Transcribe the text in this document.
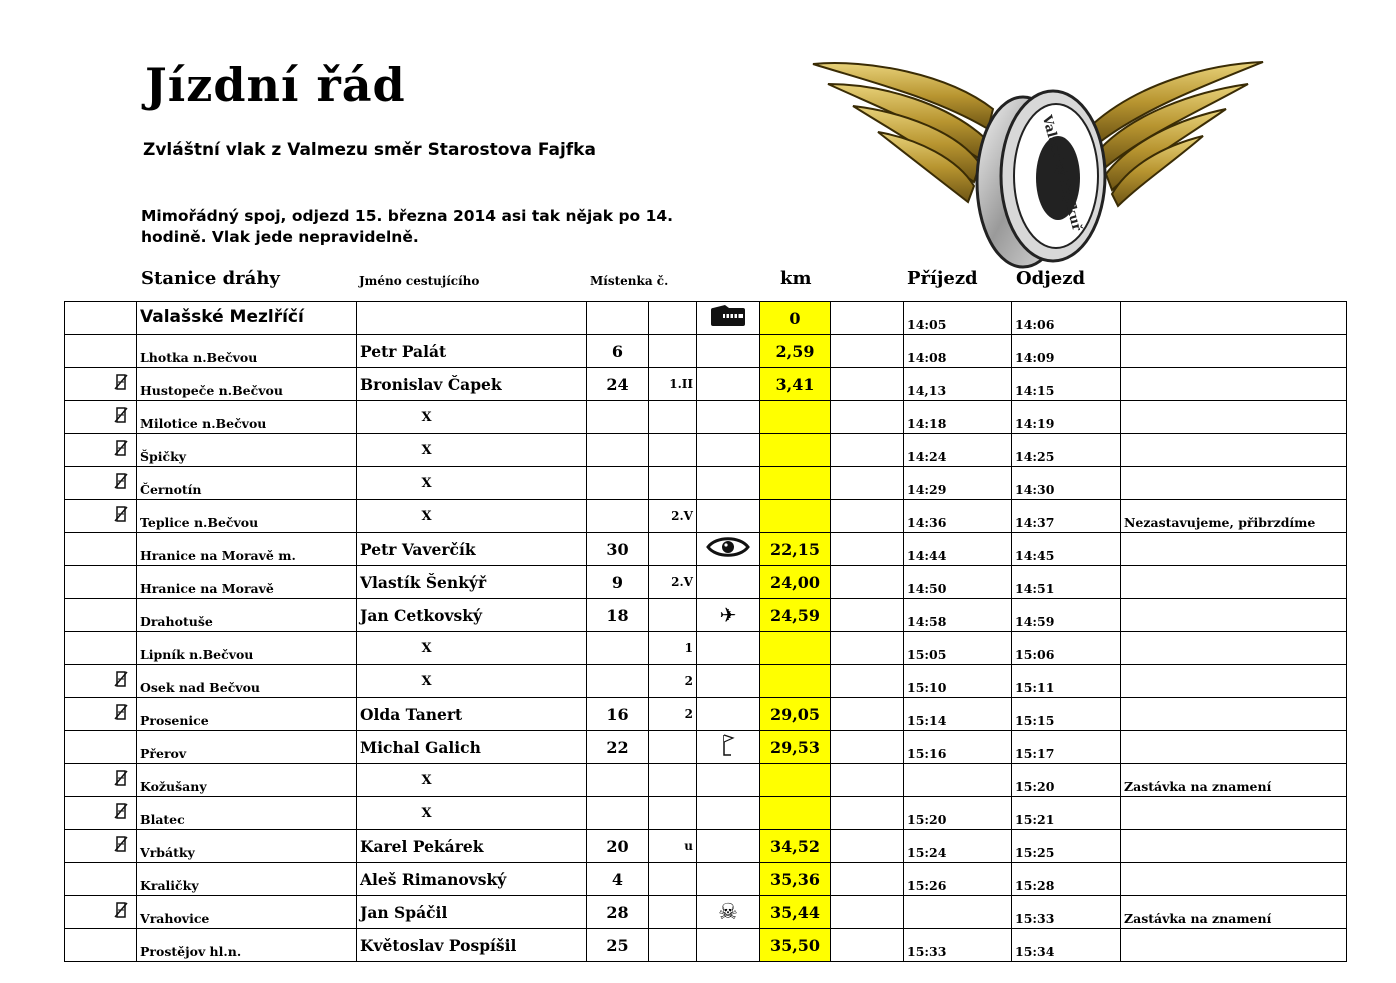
Jízdní řád
Zvláštní vlak z Valmezu směr Starostova Fajfka
Mimořádný spoj, odjezd 15. března 2014 asi tak nějak po 14.
hodině. Vlak jede nepravidelně.
Valašský Fajfkuř
Stanice dráhy	Jméno cestujícího	Místenka č.	km	Příjezd Odjezd
	Valašské Mezlříčí					0		14:05	14:06	
	Lhotka n.Bečvou	Petr Palát	6			2,59		14:08	14:09	
	Hustopeče n.Bečvou	Bronislav Čapek	24	1.II		3,41		14,13	14:15	
	Milotice n.Bečvou	X						14:18	14:19	
	Špičky	X						14:24	14:25	
	Černotín	X						14:29	14:30	
	Teplice n.Bečvou	X		2.V				14:36	14:37	Nezastavujeme, přibrzdíme
	Hranice na Moravě m.	Petr Vaverčík	30			22,15		14:44	14:45	
	Hranice na Moravě	Vlastík Šenkýř	9	2.V		24,00		14:50	14:51	
	Drahotuše	Jan Cetkovský	18		✈	24,59		14:58	14:59	
	Lipník n.Bečvou	X		1				15:05	15:06	
	Osek nad Bečvou	X		2				15:10	15:11	
	Prosenice	Olda Tanert	16	2		29,05		15:14	15:15	
	Přerov	Michal Galich	22			29,53		15:16	15:17	
	Kožušany	X							15:20	Zastávka na znamení
	Blatec	X						15:20	15:21	
	Vrbátky	Karel Pekárek	20	u		34,52		15:24	15:25	
	Kraličky	Aleš Rimanovský	4			35,36		15:26	15:28	
	Vrahovice	Jan Spáčil	28		☠	35,44			15:33	Zastávka na znamení
	Prostějov hl.n.	Květoslav Pospíšil	25			35,50		15:33	15:34	
